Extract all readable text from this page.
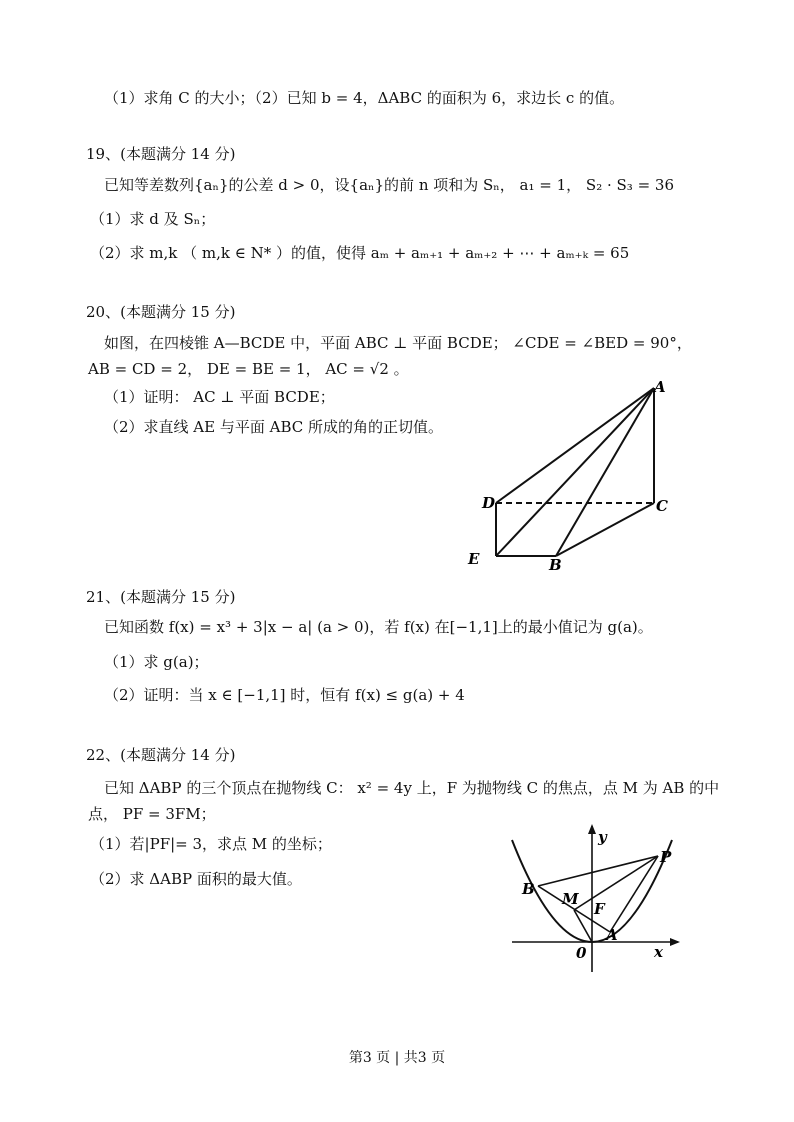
（1）求角 C 的大小；（2）已知 b = 4，ΔABC 的面积为 6，求边长 c 的值。
19、(本题满分 14 分)
已知等差数列{aₙ}的公差 d > 0，设{aₙ}的前 n 项和为 Sₙ， a₁ = 1， S₂ · S₃ = 36
（1）求 d 及 Sₙ；
（2）求 m,k （ m,k ∈ N* ）的值，使得 aₘ + aₘ₊₁ + aₘ₊₂ + ⋯ + aₘ₊ₖ = 65
20、(本题满分 15 分)
如图，在四棱锥 A—BCDE 中，平面 ABC ⊥ 平面 BCDE； ∠CDE = ∠BED = 90°，
AB = CD = 2， DE = BE = 1， AC = √2 。
（1）证明： AC ⊥ 平面 BCDE；
（2）求直线 AE 与平面 ABC 所成的角的正切值。
A
D	C
E	B
21、(本题满分 15 分)
已知函数 f(x) = x³ + 3|x − a| (a > 0)，若 f(x) 在[−1,1]上的最小值记为 g(a)。
（1）求 g(a)；
（2）证明：当 x ∈ [−1,1] 时，恒有 f(x) ≤ g(a) + 4
22、(本题满分 14 分)
已知 ΔABP 的三个顶点在抛物线 C： x² = 4y 上，F 为抛物线 C 的焦点，点 M 为 AB 的中
点， PF = 3FM；
（1）若|PF|= 3，求点 M 的坐标；
（2）求 ΔABP 面积的最大值。
y
P
B
M
F
A
0	x
第3 页 | 共3 页
